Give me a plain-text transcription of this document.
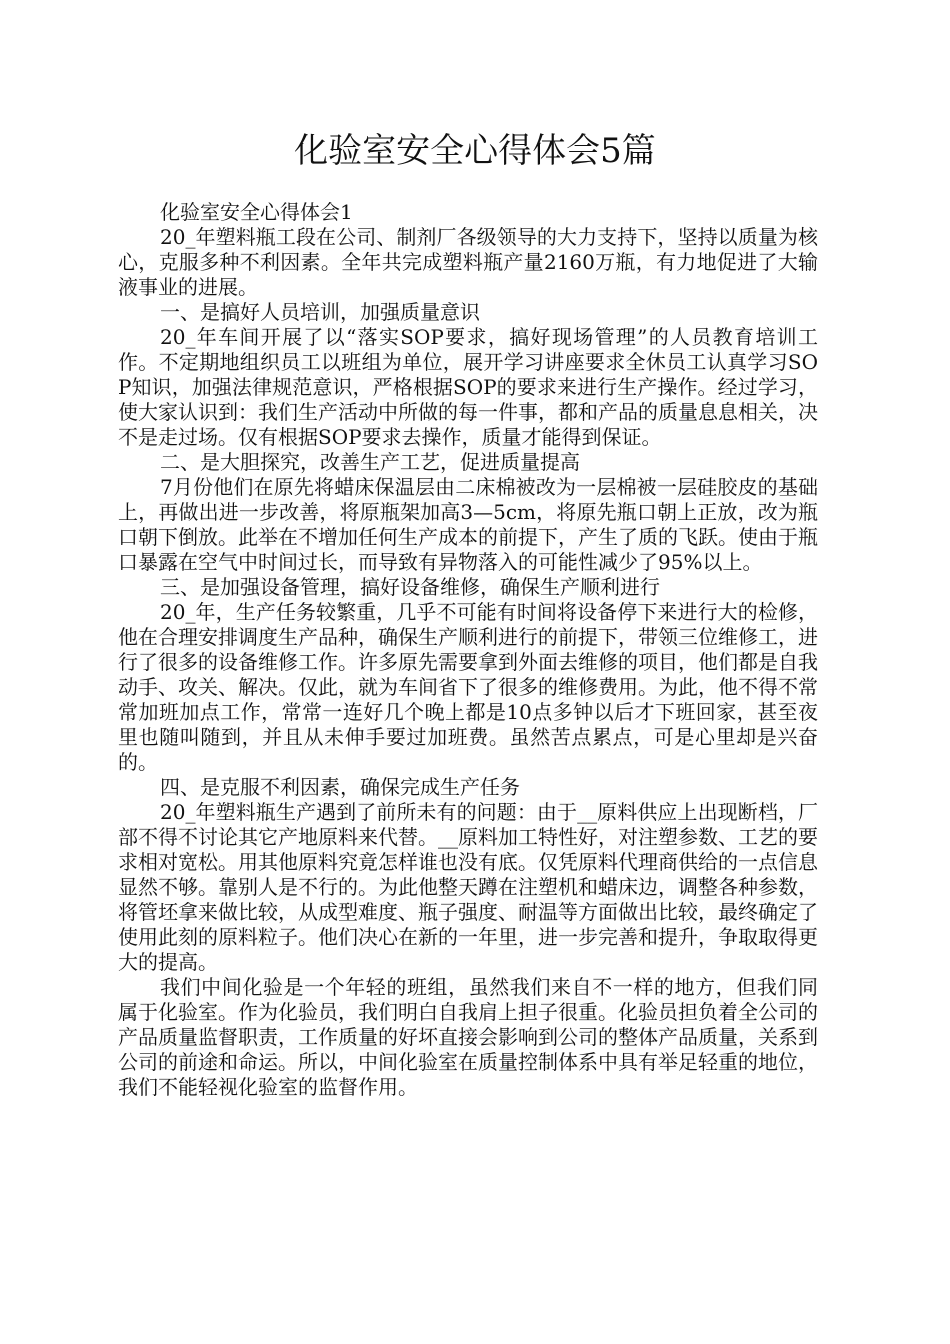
化验室安全心得体会5篇

化验室安全心得体会1

20_年塑料瓶工段在公司、制剂厂各级领导的大力支持下，坚持以质量为核心，克服多种不利因素。全年共完成塑料瓶产量2160万瓶，有力地促进了大输液事业的进展。

一、是搞好人员培训，加强质量意识

20_年车间开展了以“落实SOP要求，搞好现场管理”的人员教育培训工作。不定期地组织员工以班组为单位，展开学习讲座要求全休员工认真学习SOP知识，加强法律规范意识，严格根据SOP的要求来进行生产操作。经过学习，使大家认识到：我们生产活动中所做的每一件事，都和产品的质量息息相关，决不是走过场。仅有根据SOP要求去操作，质量才能得到保证。

二、是大胆探究，改善生产工艺，促进质量提高

7月份他们在原先将蜡床保温层由二床棉被改为一层棉被一层硅胶皮的基础上，再做出进一步改善，将原瓶架加高3—5cm，将原先瓶口朝上正放，改为瓶口朝下倒放。此举在不增加任何生产成本的前提下，产生了质的飞跃。使由于瓶口暴露在空气中时间过长，而导致有异物落入的可能性减少了95%以上。

三、是加强设备管理，搞好设备维修，确保生产顺利进行

20_年，生产任务较繁重，几乎不可能有时间将设备停下来进行大的检修，他在合理安排调度生产品种，确保生产顺利进行的前提下，带领三位维修工，进行了很多的设备维修工作。许多原先需要拿到外面去维修的项目，他们都是自我动手、攻关、解决。仅此，就为车间省下了很多的维修费用。为此，他不得不常常加班加点工作，常常一连好几个晚上都是10点多钟以后才下班回家，甚至夜里也随叫随到，并且从未伸手要过加班费。虽然苦点累点，可是心里却是兴奋的。

四、是克服不利因素，确保完成生产任务

20_年塑料瓶生产遇到了前所未有的问题：由于__原料供应上出现断档，厂部不得不讨论其它产地原料来代替。__原料加工特性好，对注塑参数、工艺的要求相对宽松。用其他原料究竟怎样谁也没有底。仅凭原料代理商供给的一点信息显然不够。靠别人是不行的。为此他整天蹲在注塑机和蜡床边，调整各种参数，将管坯拿来做比较，从成型难度、瓶子强度、耐温等方面做出比较，最终确定了使用此刻的原料粒子。他们决心在新的一年里，进一步完善和提升，争取取得更大的提高。

我们中间化验是一个年轻的班组，虽然我们来自不一样的地方，但我们同属于化验室。作为化验员，我们明白自我肩上担子很重。化验员担负着全公司的产品质量监督职责，工作质量的好坏直接会影响到公司的整体产品质量，关系到公司的前途和命运。所以，中间化验室在质量控制体系中具有举足轻重的地位，我们不能轻视化验室的监督作用。
